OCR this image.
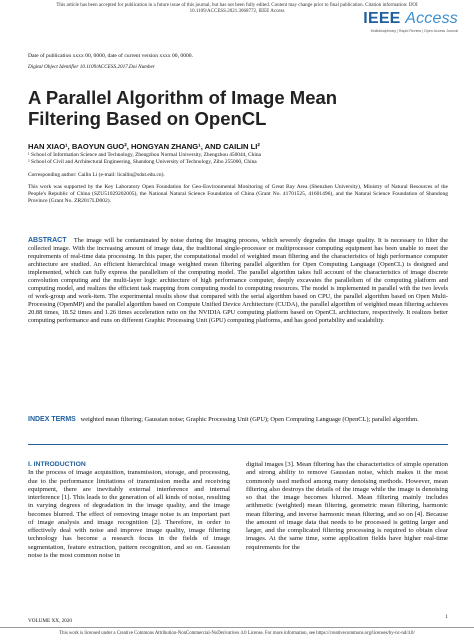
This article has been accepted for publication in a future issue of this journal, but has not been fully edited. Content may change prior to final publication. Citation information: DOI
10.1109/ACCESS.2021.3068772, IEEE Access	IEEE Access
Multidisciplinary | Rapid Review | Open Access Journal
Date of publication xxxx 00, 0000, date of current version xxxx 00, 0000.
Digital Object Identifier 10.1109/ACCESS.2017.Doi Number
A Parallel Algorithm of Image Mean
Filtering Based on OpenCL
HAN XIAO¹, BAOYUN GUO², HONGYAN ZHANG¹, AND CAILIN LI²
¹ School of Information Science and Technology, Zhengzhou Normal University, Zhengzhou 450044, China
² School of Civil and Architectural Engineering, Shandong University of Technology, Zibo 255000, China
Corresponding author: Cailin Li (e-mail: licailin@sdut.edu.cn).
This work was supported by the Key Laboratory Open Foundation for Geo-Environmental Monitoring of Great Bay Area (Shenzhen University), Ministry of Natural Resources of the People's Republic of China (SZU51029202005), the National Natural Science Foundation of China (Grant No. 41701525, 41601496), and the Natural Science Foundation of Shandong Province (Grant No. ZR2017LD002).
ABSTRACT The image will be contaminated by noise during the imaging process, which severely degrades the image quality. It is necessary to filter the collected image. With the increasing amount of image data, the traditional single-processor or multiprocessor computing equipment has been unable to meet the requirements of real-time data processing. In this paper, the computational model of weighted mean filtering and the characteristics of high performance computer architecture are studied. An efficient hierarchical image weighted mean filtering parallel algorithm for Open Computing Language (OpenCL) is designed and implemented, which can fully express the parallelism of the computing model. The parallel algorithm takes full account of the characteristics of image discrete convolution computing and the multi-layer logic architecture of high performance computer, deeply excavates the parallelism of the computing platform and computing model, and realizes the efficient task mapping from computing model to computing resources. The model is implemented in parallel with the two levels of work-group and work-item. The experimental results show that compared with the serial algorithm based on CPU, the parallel algorithm based on Open Multi-Processing (OpenMP) and the parallel algorithm based on Compute Unified Device Architecture (CUDA), the parallel algorithm of weighted mean filtering achieves 20.88 times, 18.52 times and 1.26 times acceleration ratio on the NVIDIA GPU computing platform based on OpenCL architecture, respectively. It realizes better computing performance and runs on different Graphic Processing Unit (GPU) computing platforms, and has good portability and scalability.
INDEX TERMS weighted mean filtering; Gaussian noise; Graphic Processing Unit (GPU); Open Computing Language (OpenCL); parallel algorithm.
I. INTRODUCTION
In the process of image acquisition, transmission, storage, and processing, due to the performance limitations of transmission media and receiving equipment, there are inevitably external interference and internal interference [1]. This leads to the generation of all kinds of noise, resulting in varying degrees of degradation in the image quality, and the image becomes blurred. The effect of removing image noise is an important part of image analysis and image recognition [2]. Therefore, in order to effectively deal with noise and improve image quality, image filtering technology has become a research focus in the fields of image segmentation, feature extraction, pattern recognition, and so on. Gaussian noise is the most common noise in
digital images [3]. Mean filtering has the characteristics of simple operation and strong ability to remove Gaussian noise, which makes it the most commonly used method among many denoising methods. However, mean filtering also destroys the details of the image while the image is denoising so that the image becomes blurred. Mean filtering mainly includes arithmetic (weighted) mean filtering, geometric mean filtering, harmonic mean filtering, and inverse harmonic mean filtering, and so on [4]. Because the amount of image data that needs to be processed is getting larger and larger, and the complicated filtering processing is required to obtain clear images. At the same time, some application fields have higher real-time requirements for the
VOLUME XX, 2020
1
This work is licensed under a Creative Commons Attribution-NonCommercial-NoDerivatives 4.0 License. For more information, see https://creativecommons.org/licenses/by-nc-nd/4.0/
